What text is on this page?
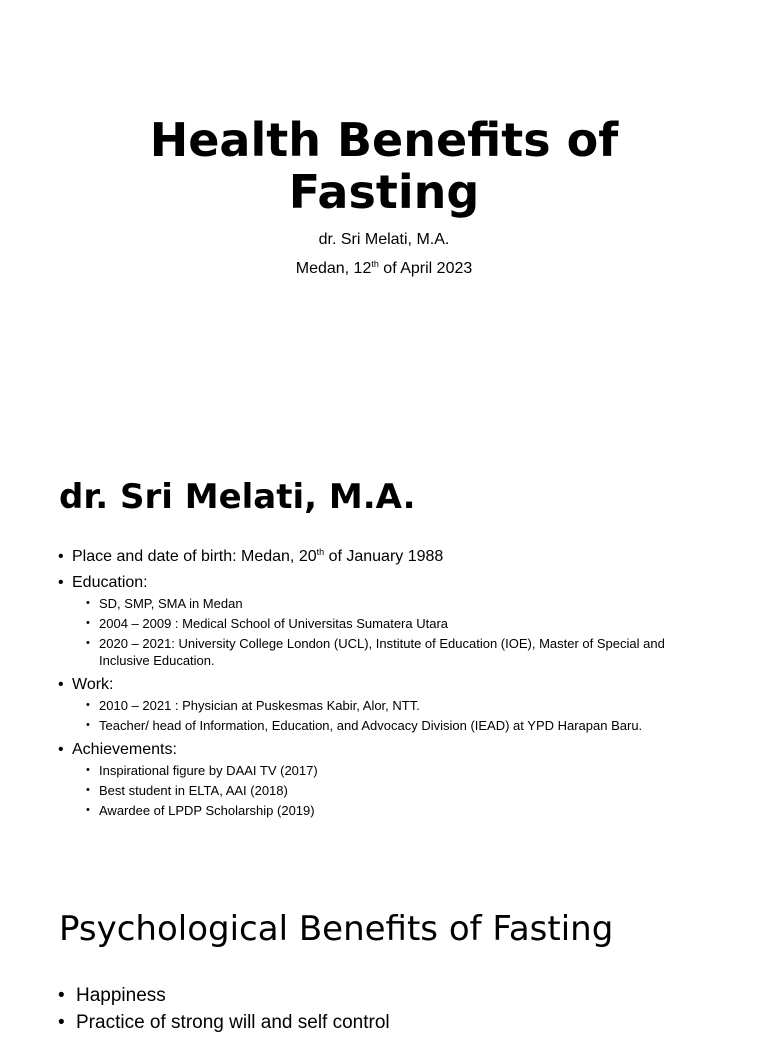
Health Benefits of
Fasting
dr. Sri Melati, M.A.
Medan, 12th of April 2023
dr. Sri Melati, M.A.
• Place and date of birth: Medan, 20th of January 1988
• Education:
• SD, SMP, SMA in Medan
• 2004 – 2009 : Medical School of Universitas Sumatera Utara
• 2020 – 2021: University College London (UCL), Institute of Education (IOE), Master of Special and Inclusive Education.
• Work:
• 2010 – 2021 : Physician at Puskesmas Kabir, Alor, NTT.
• Teacher/ head of Information, Education, and Advocacy Division (IEAD) at YPD Harapan Baru.
• Achievements:
• Inspirational figure by DAAI TV (2017)
• Best student in ELTA, AAI (2018)
• Awardee of LPDP Scholarship (2019)
Psychological Benefits of Fasting
• Happiness
• Practice of strong will and self control
